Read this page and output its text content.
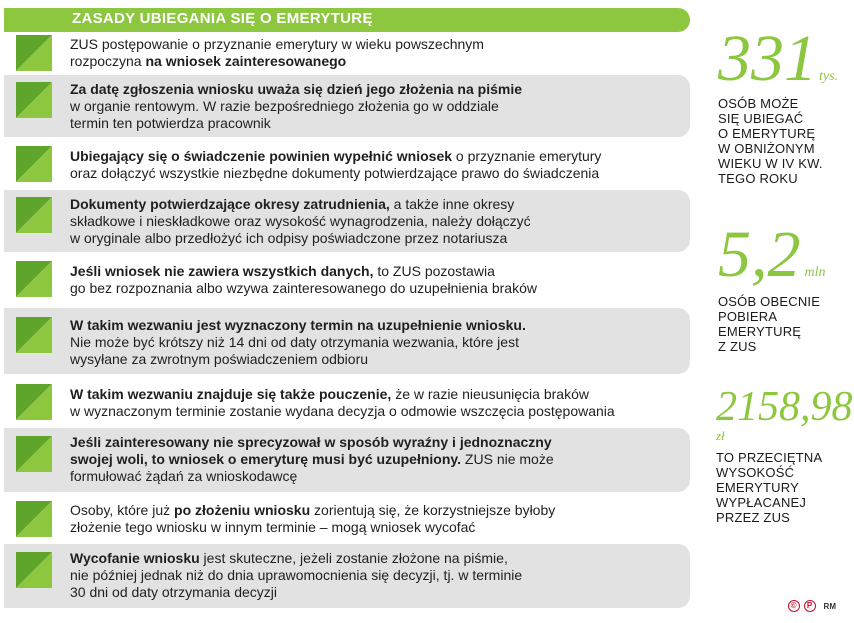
ZASADY UBIEGANIA SIĘ O EMERYTURĘ
ZUS postępowanie o przyznanie emerytury w wieku powszechnym
rozpoczyna na wniosek zainteresowanego
Za datę zgłoszenia wniosku uważa się dzień jego złożenia na piśmie
w organie rentowym. W razie bezpośredniego złożenia go w oddziale
termin ten potwierdza pracownik
Ubiegający się o świadczenie powinien wypełnić wniosek o przyznanie emerytury
oraz dołączyć wszystkie niezbędne dokumenty potwierdzające prawo do świadczenia
Dokumenty potwierdzające okresy zatrudnienia, a także inne okresy
składkowe i nieskładkowe oraz wysokość wynagrodzenia, należy dołączyć
w oryginale albo przedłożyć ich odpisy poświadczone przez notariusza
Jeśli wniosek nie zawiera wszystkich danych, to ZUS pozostawia
go bez rozpoznania albo wzywa zainteresowanego do uzupełnienia braków
W takim wezwaniu jest wyznaczony termin na uzupełnienie wniosku.
Nie może być krótszy niż 14 dni od daty otrzymania wezwania, które jest
wysyłane za zwrotnym poświadczeniem odbioru
W takim wezwaniu znajduje się także pouczenie, że w razie nieusunięcia braków
w wyznaczonym terminie zostanie wydana decyzja o odmowie wszczęcia postępowania
Jeśli zainteresowany nie sprecyzował w sposób wyraźny i jednoznaczny
swojej woli, to wniosek o emeryturę musi być uzupełniony. ZUS nie może
formułować żądań za wnioskodawcę
Osoby, które już po złożeniu wniosku zorientują się, że korzystniejsze byłoby
złożenie tego wniosku w innym terminie – mogą wniosek wycofać
Wycofanie wniosku jest skuteczne, jeżeli zostanie złożone na piśmie,
nie później jednak niż do dnia uprawomocnienia się decyzji, tj. w terminie
30 dni od daty otrzymania decyzji
331 tys.
OSÓB MOŻE
SIĘ UBIEGAĆ
O EMERYTURĘ
W OBNIŻONYM
WIEKU W IV KW.
TEGO ROKU
5,2 mln
OSÓB OBECNIE
POBIERA
EMERYTURĘ
Z ZUS
2158,98
zł
TO PRZECIĘTNA
WYSOKOŚĆ
EMERYTURY
WYPŁACANEJ
PRZEZ ZUS
©	P	RM
